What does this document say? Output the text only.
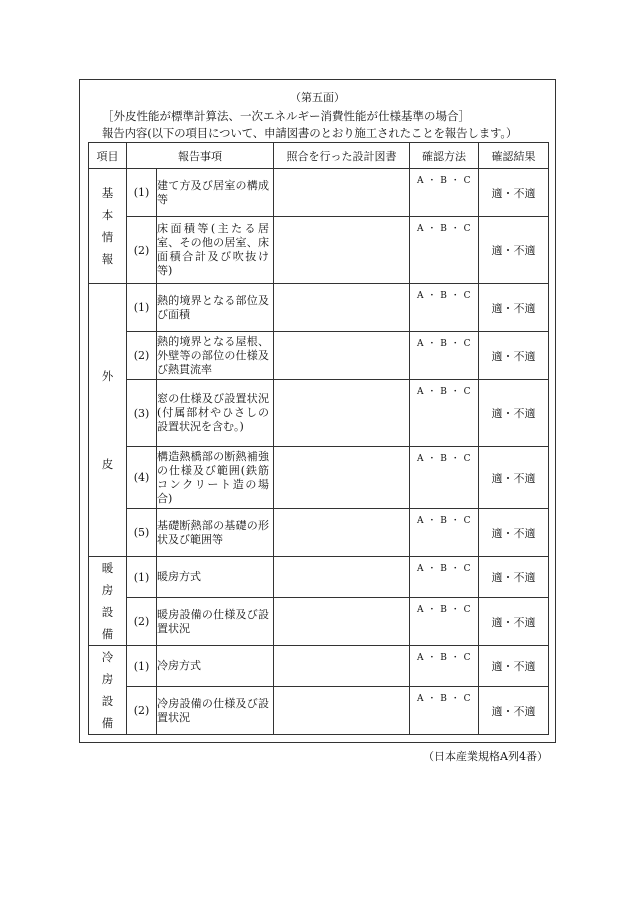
（第五面）
［外皮性能が標準計算法、一次エネルギー消費性能が仕様基準の場合］
報告内容(以下の項目について、申請図書のとおり施工されたことを報告します。）
項目	報告事項		照合を行った設計図書	確認方法	確認結果
基
本
情
報	(1)	建て方及び居室の構成等		A ・ B ・ C	適・不適
	(2)	床面積等(主たる居室、その他の居室、床面積合計及び吹抜け等)		A ・ B ・ C	適・不適
外

皮	(1)	熱的境界となる部位及び面積		A ・ B ・ C	適・不適
	(2)	熱的境界となる屋根、外壁等の部位の仕様及び熱貫流率		A ・ B ・ C	適・不適
	(3)	窓の仕様及び設置状況(付属部材やひさしの設置状況を含む。)		A ・ B ・ C	適・不適
	(4)	構造熱橋部の断熱補強の仕様及び範囲(鉄筋コンクリート造の場合)		A ・ B ・ C	適・不適
	(5)	基礎断熱部の基礎の形状及び範囲等		A ・ B ・ C	適・不適
暖
房
設
備	(1)	暖房方式		A ・ B ・ C	適・不適
	(2)	暖房設備の仕様及び設置状況		A ・ B ・ C	適・不適
冷
房
設
備	(1)	冷房方式		A ・ B ・ C	適・不適
	(2)	冷房設備の仕様及び設置状況		A ・ B ・ C	適・不適
（日本産業規格A列4番）
